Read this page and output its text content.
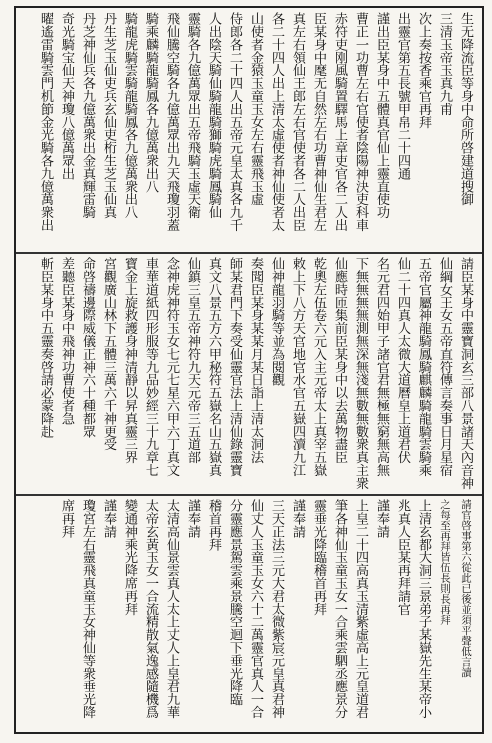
生无降流臣等身中命所啓建道搜御
三清玉帝玉真九甫
次上奏按香乘官再拜
出靈官第五長號甲帛二十四通
謹出臣某身中五體真官仙上靈直使功
曹正一功曹左右官使者陰陽神決吏科車
赤符吏刚風騎置驛馬上章吏官各二人出
臣某身中麾无自然左右功曹神仙生君左
真左右領仙王郎左右官使者各二人出臣
各二十四人出上清太虛使者神仙使者太
山使者金猿玉童玉女左右靈飛玉虛
侍郎各二十四人出五帝元皇太真各九千
人出陰天騎仙騎龍騎獅騎虎騎鳳騎仙
靈騎各九億萬眾出五帝飛騎玉虛天衛
飛仙騰空騎各九億萬眾出九天飛瓊羽蓋
騎乘麟騎龍騎鳳各九億萬衆出八
騎龍虎騎雲騎龍騎鳳各九億萬衆出八
丹生芝玉仙吏兵玄仙吏桁生芝玉仙真
丹芝神仙兵各九億萬衆出金真輝雷騎
奇光騎宝仙天神瓊八億萬眾出
曜遙雷騎雲門机節金光騎各九億萬衆出
請臣某身中靈寶洞玄三部八景諸天內音神
仙綱女王女五帝直符傳言奏事日月星宿
五帝官屬神龍騎鳳騎麒麟騎龍騎雲騎乘
仙二十四真人太微大道曆皇上道君伏
名元君四始甲子諸官君無極無窮無高無
下無無無無測無深無淺無數無數衆真主衆
仙應時匝集前臣某身中以去萬物盡臣
乾奧左伍卷六元入主元帝太上真宰五嶽
敕上下八方天官地官水官五嶽四瀆九江
仙神龍羽騎等並為閱觀
奏聞臣某身某某月某日詣上清太洞法
師某君門下奏受仙靈官法上清仙錄靈寶
真文八景五方六甲秘符五嶽名山五嶽真
仙鎮三皇五帝神符九天元帝三五道部
念神虎神符玉女七元七星六甲六丁真文
車華道紙四形服等九品妙經三十九章七
寶金上旋救護身神清靜以昇真靈三界
宮觀廣山林下五體三萬六千神更受
命啓禱邊際威儀正神六十種都眾
差聽臣某身中飛神功曹使者急
斬臣某身中五靈奏啓請必蒙降赴
請官啓事第六從此已後並須平聲低言讀
之每至再拜皆伍長則長再拜
上清玄都大洞三景弟子某嶽先生某帝小
兆真人臣某再拜請官
謹奉請
上皇二十四高真玉清紫虛高上元皇道君
筆各神仙玉童玉女一合乘雲駟丞應景分
靈垂光降臨稽首再拜
謹奉請
三天正法三元大君太微紫宸元皇真君神
仙丈人玉童玉女六十二萬靈官真人一合
分靈應景駕雲乘景騰空迴下垂光降臨
稽首再拜
謹奉請
太清高仙景雲真人太上丈人上皇君九華
太帝玄黃玉女一合流精散氣逸感隨機爲
變通神乘光降席再拜
謹奉請
瓊宮左右靈飛真童玉女神仙等衆垂光降
席再拜
